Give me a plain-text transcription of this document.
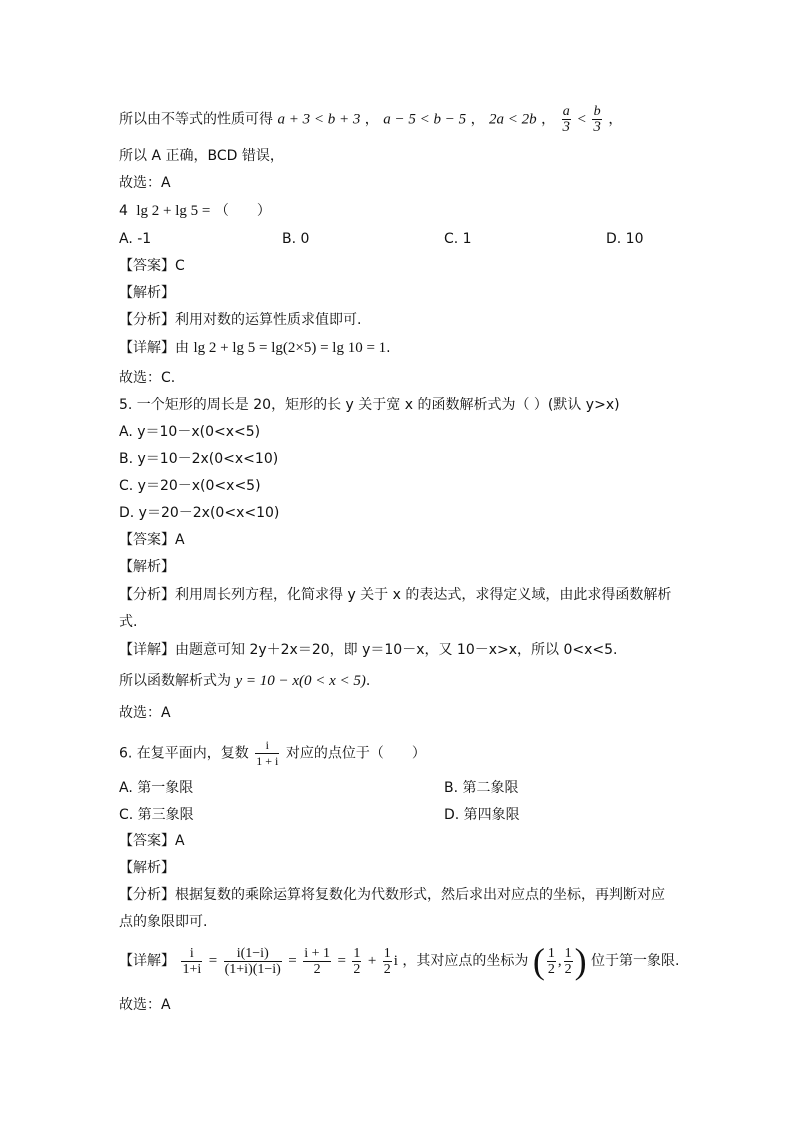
所以由不等式的性质可得 a + 3 < b + 3 ， a − 5 < b − 5 ， 2a < 2b ， $\frac{a}{3} < \frac{b}{3}$ ，
所以 A 正确，BCD 错误，
故选：A
4 lg 2 + lg 5 = （　　）
A. -1	B. 0	C. 1	D. 10
【答案】C
【解析】
【分析】利用对数的运算性质求值即可.
【详解】由 lg 2 + lg 5 = lg(2×5) = lg 10 = 1.
故选：C.
5. 一个矩形的周长是 20，矩形的长 y 关于宽 x 的函数解析式为（ ）(默认 y>x)
A. y＝10－x(0<x<5)
B. y＝10－2x(0<x<10)
C. y＝20－x(0<x<5)
D. y＝20－2x(0<x<10)
【答案】A
【解析】
【分析】利用周长列方程，化简求得 y 关于 x 的表达式，求得定义域，由此求得函数解析
式.
【详解】由题意可知 2y＋2x＝20，即 y＝10－x，又 10－x>x，所以 0<x<5.
所以函数解析式为 y = 10 − x(0 < x < 5).
故选：A
6. 在复平面内，复数 $\frac{i}{1 + i}$ 对应的点位于（　　）
A. 第一象限	B. 第二象限
C. 第三象限	D. 第四象限
【答案】A
【解析】
【分析】根据复数的乘除运算将复数化为代数形式，然后求出对应点的坐标，再判断对应
点的象限即可.
【详解】 $\frac{i}{1+i} = \frac{i(1-i)}{(1+i)(1-i)} = \frac{i + 1}{2} = \frac{1}{2} + \frac{1}{2}$ i ，其对应点的坐标为 ( $\frac{1}{2}$ , $\frac{1}{2}$ ) 位于第一象限.
故选：A
